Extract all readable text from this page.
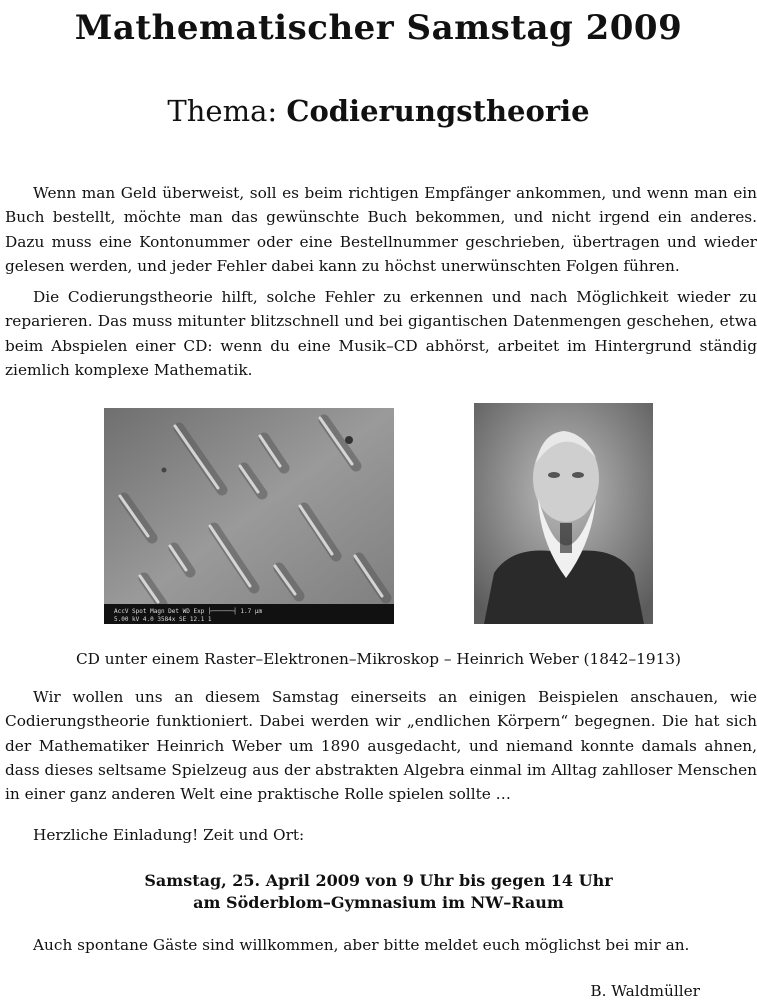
Mathematischer Samstag 2009
Thema: Codierungstheorie

Wenn man Geld überweist, soll es beim richtigen Empfänger ankommen, und wenn man ein Buch bestellt, möchte man das gewünschte Buch bekommen, und nicht irgend ein anderes. Dazu muss eine Kontonummer oder eine Bestellnummer geschrieben, übertragen und wieder gelesen werden, und jeder Fehler dabei kann zu höchst unerwünschten Folgen führen.

Die Codierungstheorie hilft, solche Fehler zu erkennen und nach Möglichkeit wieder zu reparieren. Das muss mitunter blitzschnell und bei gigantischen Datenmengen geschehen, etwa beim Abspielen einer CD: wenn du eine Musik–CD abhörst, arbeitet im Hintergrund ständig ziemlich komplexe Mathematik.

AccV Spot Magn Det WD Exp ├──────┤ 1.7 µm
5.00 kV 4.0 3584x SE 12.1 1

CD unter einem Raster–Elektronen–Mikroskop – Heinrich Weber (1842–1913)

Wir wollen uns an diesem Samstag einerseits an einigen Beispielen anschauen, wie Codierungstheorie funktioniert. Dabei werden wir „endlichen Körpern“ begegnen. Die hat sich der Mathematiker Heinrich Weber um 1890 ausgedacht, und niemand konnte damals ahnen, dass dieses seltsame Spielzeug aus der abstrakten Algebra einmal im Alltag zahlloser Menschen in einer ganz anderen Welt eine praktische Rolle spielen sollte …

Herzliche Einladung! Zeit und Ort:

Samstag, 25. April 2009 von 9 Uhr bis gegen 14 Uhr
am Söderblom–Gymnasium im NW–Raum

Auch spontane Gäste sind willkommen, aber bitte meldet euch möglichst bei mir an.

B. Waldmüller
